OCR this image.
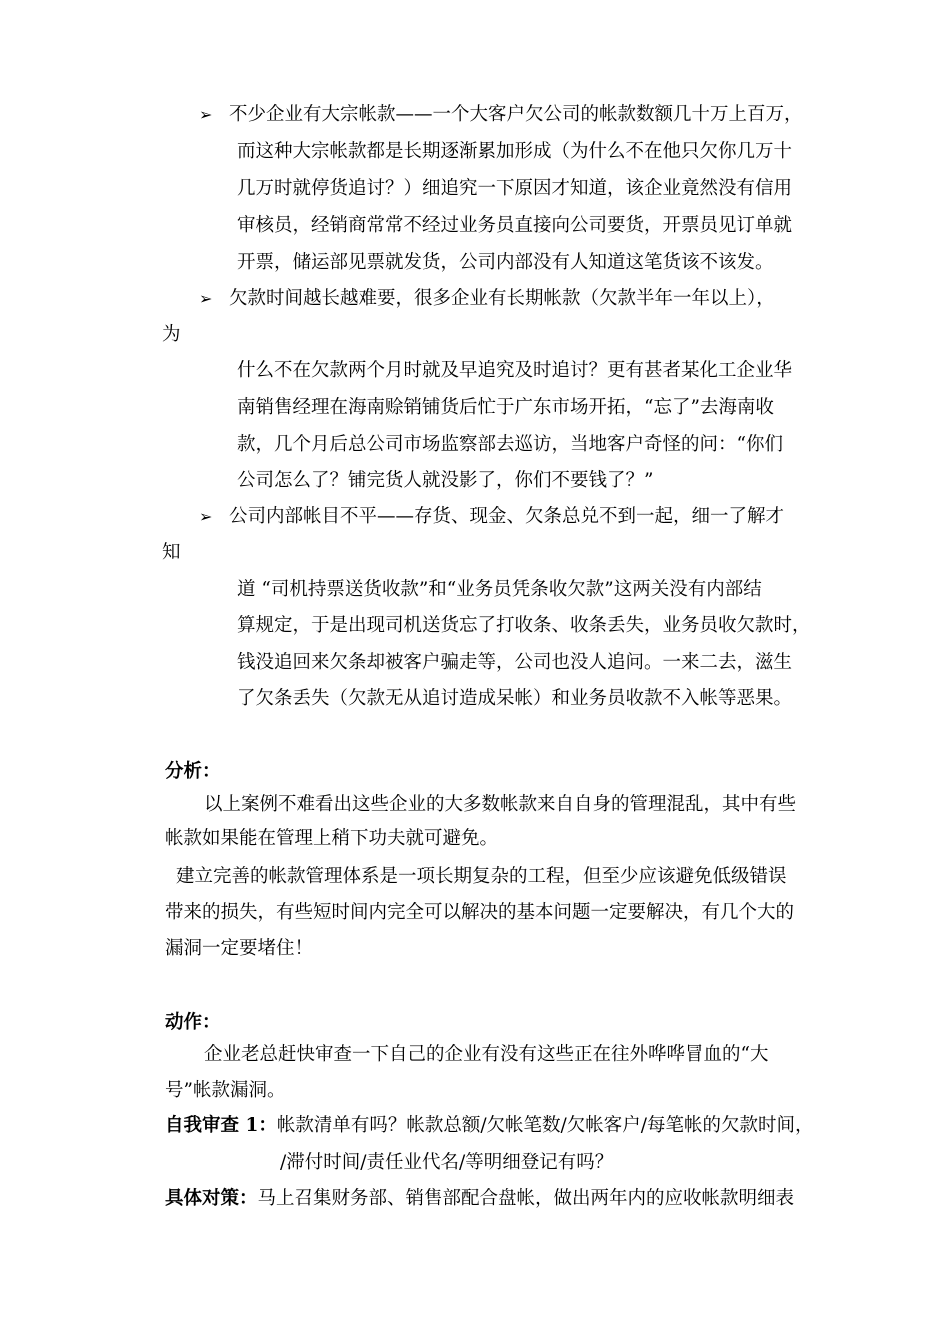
➢ 不少企业有大宗帐款——一个大客户欠公司的帐款数额几十万上百万，
而这种大宗帐款都是长期逐渐累加形成（为什么不在他只欠你几万十
几万时就停货追讨？）细追究一下原因才知道，该企业竟然没有信用
审核员，经销商常常不经过业务员直接向公司要货，开票员见订单就
开票，储运部见票就发货，公司内部没有人知道这笔货该不该发。
➢ 欠款时间越长越难要，很多企业有长期帐款（欠款半年一年以上），
为
什么不在欠款两个月时就及早追究及时追讨？更有甚者某化工企业华
南销售经理在海南赊销铺货后忙于广东市场开拓，“忘了”去海南收
款，几个月后总公司市场监察部去巡访，当地客户奇怪的问：“你们
公司怎么了？铺完货人就没影了，你们不要钱了？”
➢ 公司内部帐目不平——存货、现金、欠条总兑不到一起，细一了解才
知
道 “司机持票送货收款”和“业务员凭条收欠款”这两关没有内部结
算规定，于是出现司机送货忘了打收条、收条丢失，业务员收欠款时，
钱没追回来欠条却被客户骗走等，公司也没人追问。一来二去，滋生
了欠条丢失（欠款无从追讨造成呆帐）和业务员收款不入帐等恶果。
分析：
以上案例不难看出这些企业的大多数帐款来自自身的管理混乱，其中有些
帐款如果能在管理上稍下功夫就可避免。
建立完善的帐款管理体系是一项长期复杂的工程，但至少应该避免低级错误
带来的损失，有些短时间内完全可以解决的基本问题一定要解决，有几个大的
漏洞一定要堵住！
动作：
企业老总赶快审查一下自己的企业有没有这些正在往外哗哗冒血的“大
号”帐款漏洞。
自我审查 1：帐款清单有吗？帐款总额/欠帐笔数/欠帐客户/每笔帐的欠款时间，
/滞付时间/责任业代名/等明细登记有吗？
具体对策：马上召集财务部、销售部配合盘帐，做出两年内的应收帐款明细表
